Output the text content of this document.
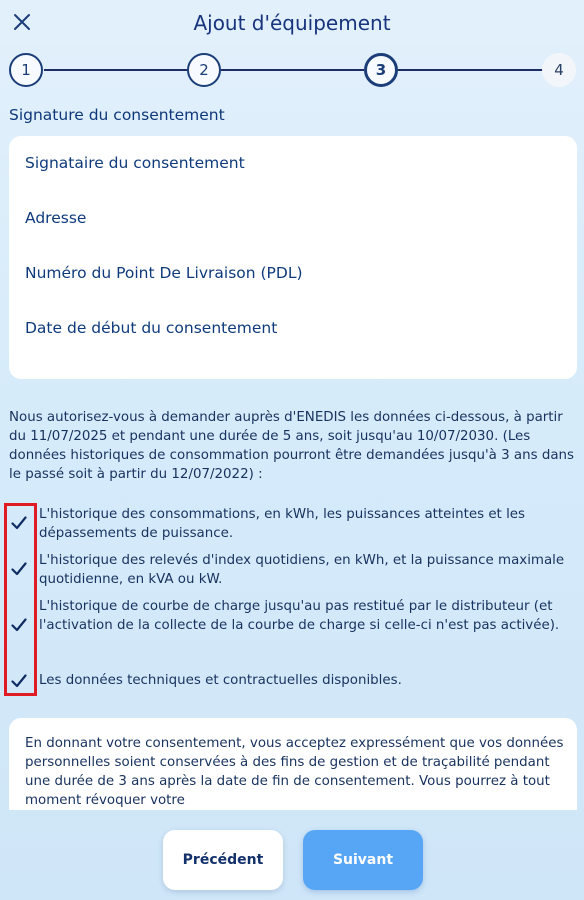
Ajout d'équipement
1	2	3	4
Signature du consentement
Signataire du consentement
Adresse
Numéro du Point De Livraison (PDL)
Date de début du consentement
Nous autorisez-vous à demander auprès d'ENEDIS les données ci-dessous, à partir du 11/07/2025 et pendant une durée de 5 ans, soit jusqu'au 10/07/2030. (Les données historiques de consommation pourront être demandées jusqu'à 3 ans dans le passé soit à partir du 12/07/2022) :
L'historique des consommations, en kWh, les puissances atteintes et les dépassements de puissance.
L'historique des relevés d'index quotidiens, en kWh, et la puissance maximale quotidienne, en kVA ou kW.
L'historique de courbe de charge jusqu'au pas restitué par le distributeur (et l'activation de la collecte de la courbe de charge si celle-ci n'est pas activée).
Les données techniques et contractuelles disponibles.
En donnant votre consentement, vous acceptez expressément que vos données personnelles soient conservées à des fins de gestion et de traçabilité pendant une durée de 3 ans après la date de fin de consentement. Vous pourrez à tout moment révoquer votre
Précédent	Suivant
